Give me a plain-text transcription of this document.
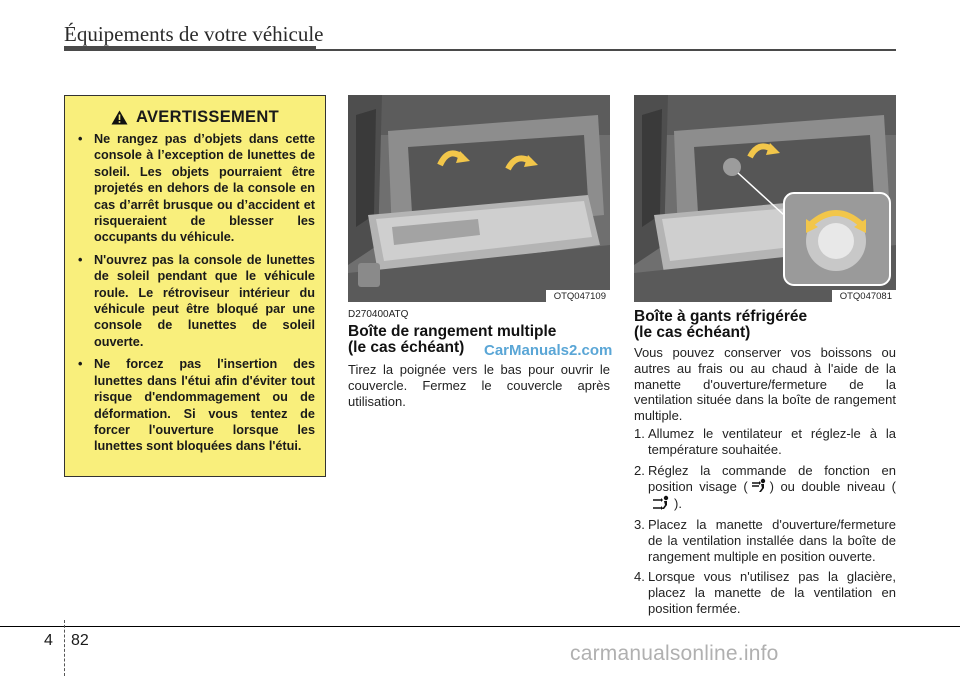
Équipements de votre véhicule
AVERTISSEMENT
• Ne rangez pas d’objets dans cette console à l’exception de lunettes de soleil. Les objets pourraient être projetés en dehors de la console en cas d’arrêt brusque ou d’accident et risqueraient de blesser les occupants du véhicule.
• N'ouvrez pas la console de lunettes de soleil pendant que le véhicule roule. Le rétroviseur intérieur du véhicule peut être bloqué par une console de lunettes de soleil ouverte.
• Ne forcez pas l'insertion des lunettes dans l'étui afin d'éviter tout risque d'endommagement ou de déformation. Si vous tentez de forcer l'ouverture lorsque les lunettes sont bloquées dans l'étui.
OTQ047109	OTQ047081
D270400ATQ
Boîte de rangement multiple
(le cas échéant)	CarManuals2.com
Tirez la poignée vers le bas pour ouvrir le couvercle. Fermez le couvercle après utilisation.
Boîte à gants réfrigérée
(le cas échéant)
Vous pouvez conserver vos boissons ou autres au frais ou au chaud à l'aide de la manette d'ouverture/fermeture de la ventilation située dans la boîte de rangement multiple.
1. Allumez le ventilateur et réglez-le à la température souhaitée.
2. Réglez la commande de fonction en position visage ( ) ou double niveau ().
3. Placez la manette d'ouverture/fermeture de la ventilation installée dans la boîte de rangement multiple en position ouverte.
4. Lorsque vous n'utilisez pas la glacière, placez la manette de la ventilation en position fermée.
4 82
carmanualsonline.info
